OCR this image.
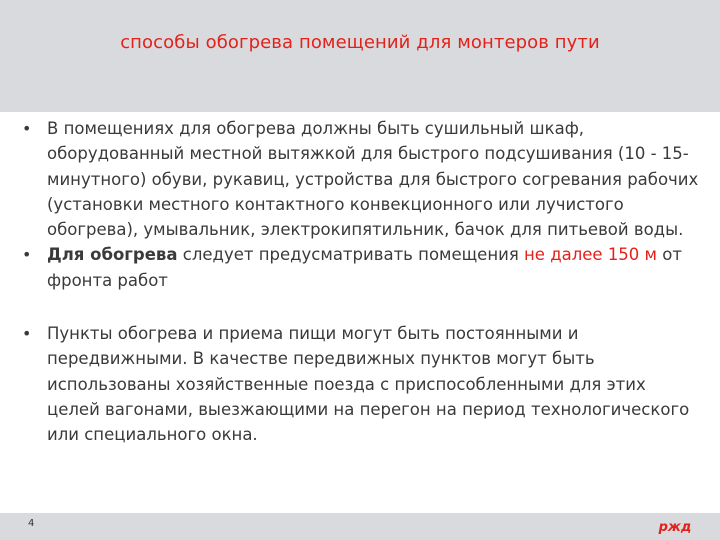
способы обогрева помещений для монтеров пути
• В помещениях для обогрева должны быть сушильный шкаф, оборудованный местной вытяжкой для быстрого подсушивания (10 - 15-минутного) обуви, рукавиц, устройства для быстрого согревания рабочих (установки местного контактного конвекционного или лучистого обогрева), умывальник, электрокипятильник, бачок для питьевой воды.
• Для обогрева следует предусматривать помещения не далее 150 м от фронта работ
• Пункты обогрева и приема пищи могут быть постоянными и передвижными. В качестве передвижных пунктов могут быть использованы хозяйственные поезда с приспособленными для этих целей вагонами, выезжающими на перегон на период технологического или специального окна.
4	ржд
